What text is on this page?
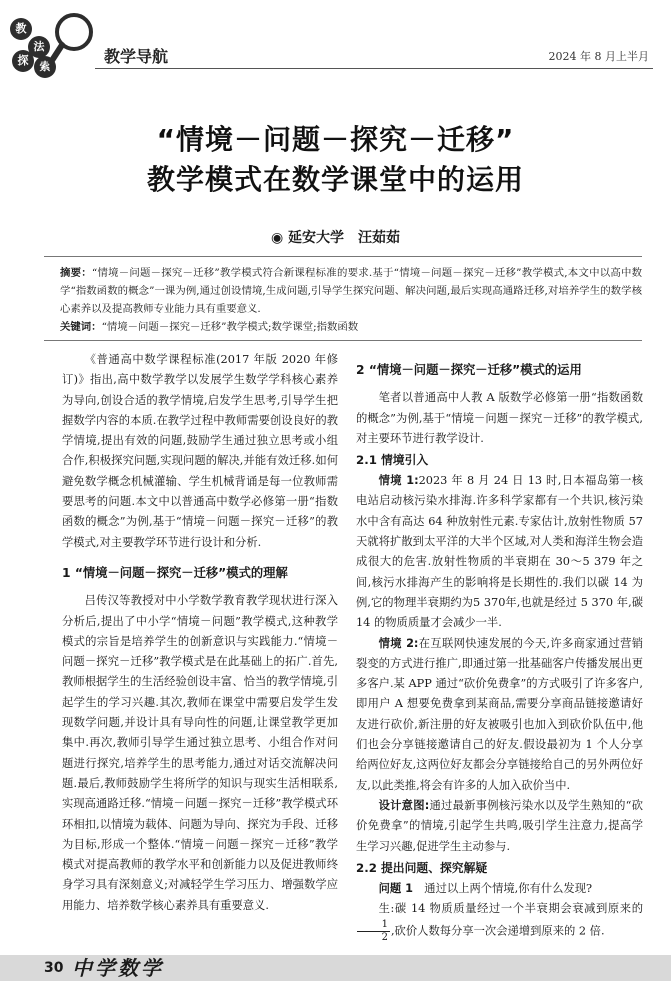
教
法
探	索
教学导航	2024 年 8 月上半月
“情境－问题－探究－迁移”
教学模式在数学课堂中的运用
◉ 延安大学　汪茹茹
摘要：“情境－问题－探究－迁移”教学模式符合新课程标准的要求.基于“情境－问题－探究－迁移”教学模式,本文中以高中数学“指数函数的概念”一课为例,通过创设情境,生成问题,引导学生探究问题、解决问题,最后实现高通路迁移,对培养学生的数学核心素养以及提高教师专业能力具有重要意义.
关键词：“情境－问题－探究－迁移”教学模式;数学课堂;指数函数

《普通高中数学课程标准(2017 年版 2020 年修订)》指出,高中数学教学以发展学生数学学科核心素养为导向,创设合适的教学情境,启发学生思考,引导学生把握数学内容的本质.在教学过程中教师需要创设良好的教学情境,提出有效的问题,鼓励学生通过独立思考或小组合作,积极探究问题,实现问题的解决,并能有效迁移.如何避免数学概念机械灌输、学生机械背诵是每一位教师需要思考的问题.本文中以普通高中数学必修第一册“指数函数的概念”为例,基于“情境－问题－探究－迁移”的教学模式,对主要教学环节进行设计和分析.

1 “情境－问题－探究－迁移”模式的理解

吕传汉等教授对中小学数学教育教学现状进行深入分析后,提出了中小学“情境－问题”教学模式,这种教学模式的宗旨是培养学生的创新意识与实践能力.“情境－问题－探究－迁移”教学模式是在此基础上的拓广.首先,教师根据学生的生活经验创设丰富、恰当的教学情境,引起学生的学习兴趣.其次,教师在课堂中需要启发学生发现数学问题,并设计具有导向性的问题,让课堂教学更加集中.再次,教师引导学生通过独立思考、小组合作对问题进行探究,培养学生的思考能力,通过对话交流解决问题.最后,教师鼓励学生将所学的知识与现实生活相联系,实现高通路迁移.“情境－问题－探究－迁移”教学模式环环相扣,以情境为载体、问题为导向、探究为手段、迁移为目标,形成一个整体.“情境－问题－探究－迁移”教学模式对提高教师的教学水平和创新能力以及促进教师终身学习具有深刻意义;对减轻学生学习压力、增强数学应用能力、培养数学核心素养具有重要意义.

2 “情境－问题－探究－迁移”模式的运用

笔者以普通高中人教 A 版数学必修第一册“指数函数的概念”为例,基于“情境－问题－探究－迁移”的教学模式,对主要环节进行教学设计.

2.1 情境引入

情境 1:2023 年 8 月 24 日 13 时,日本福岛第一核电站启动核污染水排海.许多科学家都有一个共识,核污染水中含有高达 64 种放射性元素.专家估计,放射性物质 57 天就将扩散到太平洋的大半个区域,对人类和海洋生物会造成很大的危害.放射性物质的半衰期在 30～5 379 年之间,核污水排海产生的影响将是长期性的.我们以碳 14 为例,它的物理半衰期约为5 370年,也就是经过 5 370 年,碳 14 的物质质量才会减少一半.

情境 2:在互联网快速发展的今天,许多商家通过营销裂变的方式进行推广,即通过第一批基础客户传播发展出更多客户.某 APP 通过“砍价免费拿”的方式吸引了许多客户,即用户 A 想要免费拿到某商品,需要分享商品链接邀请好友进行砍价,新注册的好友被吸引也加入到砍价队伍中,他们也会分享链接邀请自己的好友.假设最初为 1 个人分享给两位好友,这两位好友都会分享链接给自己的另外两位好友,以此类推,将会有许多的人加入砍价当中.

设计意图:通过最新事例核污染水以及学生熟知的“砍价免费拿”的情境,引起学生共鸣,吸引学生注意力,提高学生学习兴趣,促进学生主动参与.

2.2 提出问题、探究解疑

问题 1　通过以上两个情境,你有什么发现?

生:碳 14 物质质量经过一个半衰期会衰减到原来的
$\frac{1}{2}$ ,砍价人数每分享一次会递增到原来的 2 倍.

30 中学数学
